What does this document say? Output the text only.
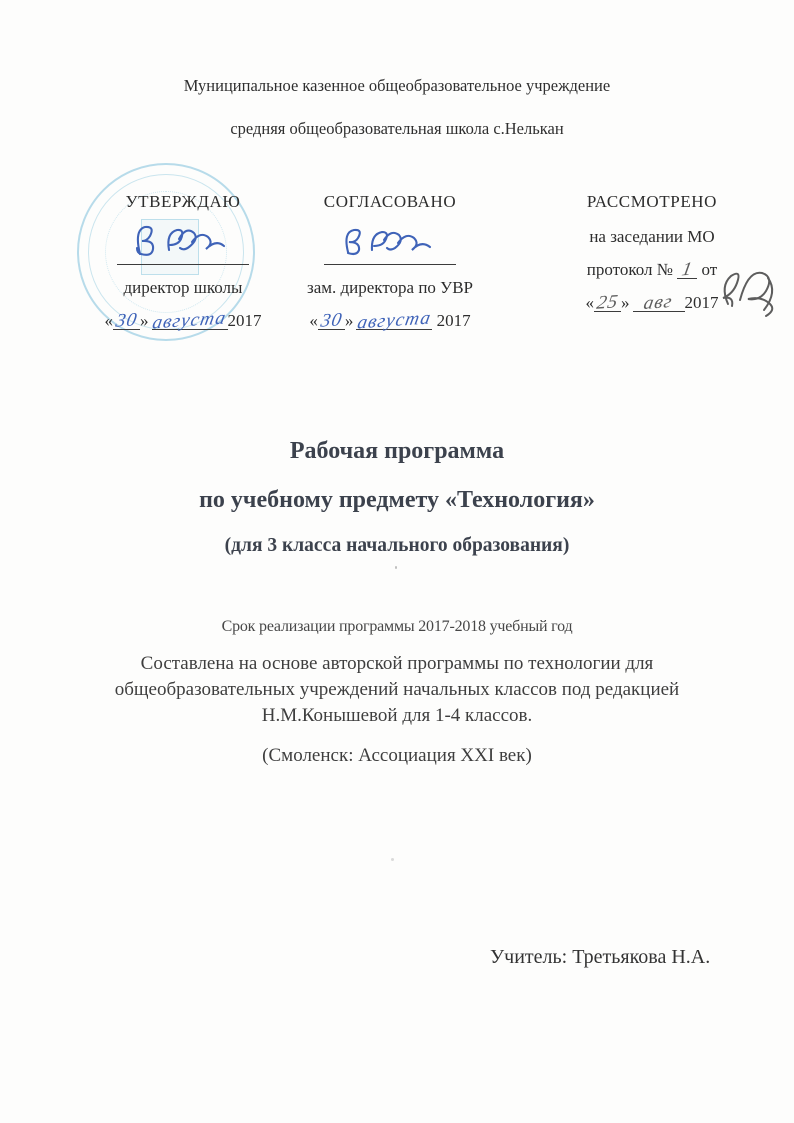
Муниципальное казенное общеобразовательное учреждение
средняя общеобразовательная школа с.Нелькан
УТВЕРЖДАЮ
директор школы
«30» августа2017
СОГЛАСОВАНО
зам. директора по УВР
«30» августа 2017
РАССМОТРЕНО
на заседании МО
протокол № 1 от
«25» авг 2017
Рабочая программа
по учебному предмету «Технология»
(для 3 класса начального образования)
Срок реализации программы 2017-2018 учебный год
Составлена на основе авторской программы по технологии для общеобразовательных учреждений начальных классов под редакцией Н.М.Конышевой для 1-4 классов.
(Смоленск: Ассоциация XXI век)
Учитель: Третьякова Н.А.
